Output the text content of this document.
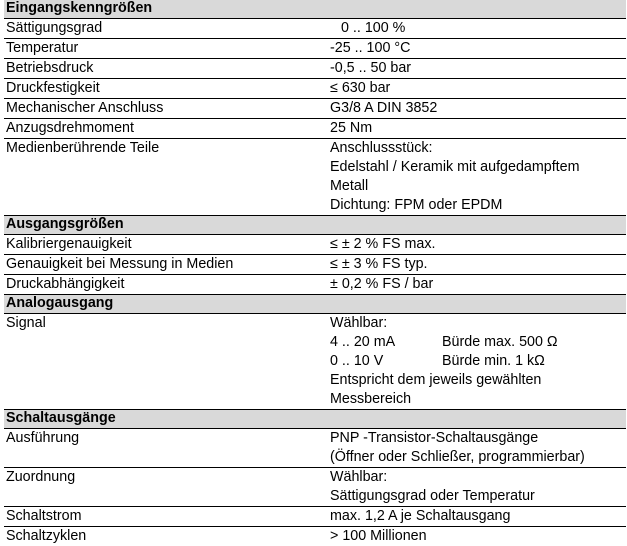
Eingangskenngrößen
Sättigungsgrad	0 .. 100 %
Temperatur	-25 .. 100 °C
Betriebsdruck	-0,5 .. 50 bar
Druckfestigkeit	≤ 630 bar
Mechanischer Anschluss	G3/8 A DIN 3852
Anzugsdrehmoment	25 Nm
Medienberührende Teile	Anschlussstück:
Edelstahl / Keramik mit aufgedampftem
Metall
Dichtung: FPM oder EPDM
Ausgangsgrößen
Kalibriergenauigkeit	≤ ± 2 % FS max.
Genauigkeit bei Messung in Medien	≤ ± 3 % FS typ.
Druckabhängigkeit	± 0,2 % FS / bar
Analogausgang
Signal	Wählbar:
4 .. 20 mA	Bürde max. 500 Ω
0 .. 10 V	Bürde min. 1 kΩ
Entspricht dem jeweils gewählten
Messbereich
Schaltausgänge
Ausführung	PNP -Transistor-Schaltausgänge
(Öffner oder Schließer, programmierbar)
Zuordnung	Wählbar:
Sättigungsgrad oder Temperatur
Schaltstrom	max. 1,2 A je Schaltausgang
Schaltzyklen	> 100 Millionen
